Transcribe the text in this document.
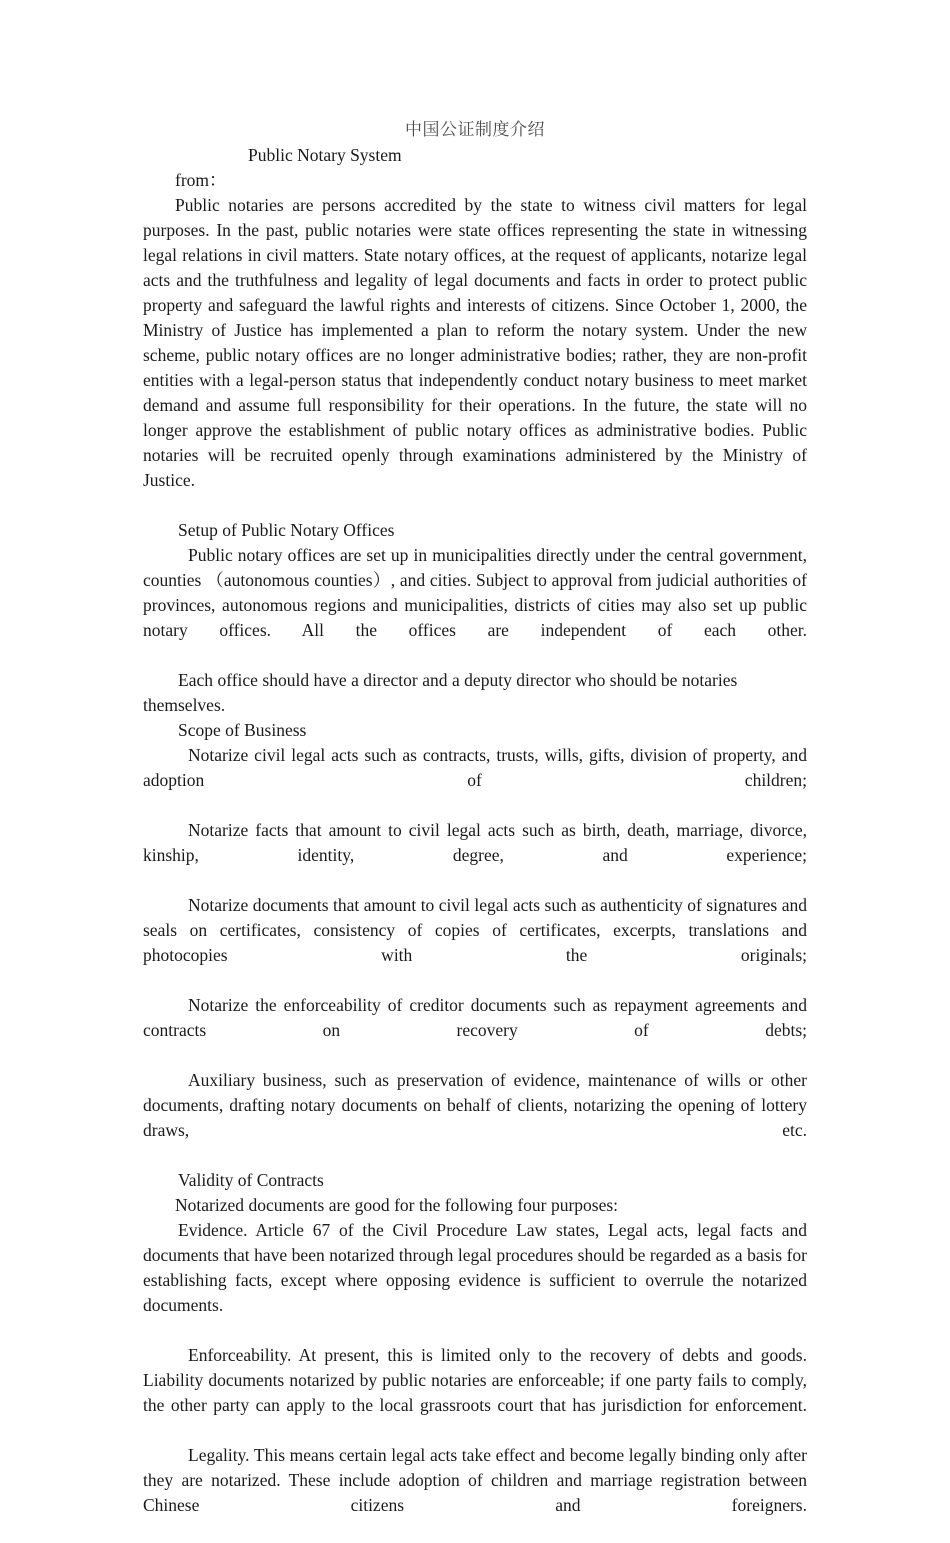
中国公证制度介绍
Public Notary System
from：

Public notaries are persons accredited by the state to witness civil matters for legal purposes. In the past, public notaries were state offices representing the state in witnessing legal relations in civil matters. State notary offices, at the request of applicants, notarize legal acts and the truthfulness and legality of legal documents and facts in order to protect public property and safeguard the lawful rights and interests of citizens. Since October 1, 2000, the Ministry of Justice has implemented a plan to reform the notary system. Under the new scheme, public notary offices are no longer administrative bodies; rather, they are non-profit entities with a legal-person status that independently conduct notary business to meet market demand and assume full responsibility for their operations. In the future, the state will no longer approve the establishment of public notary offices as administrative bodies. Public notaries will be recruited openly through examinations administered by the Ministry of Justice.

Setup of Public Notary Offices

Public notary offices are set up in municipalities directly under the central government, counties （autonomous counties）, and cities. Subject to approval from judicial authorities of provinces, autonomous regions and municipalities, districts of cities may also set up public notary offices. All the offices are independent of each other.

Each office should have a director and a deputy director who should be notaries themselves.

Scope of Business

Notarize civil legal acts such as contracts, trusts, wills, gifts, division of property, and adoption of children;

Notarize facts that amount to civil legal acts such as birth, death, marriage, divorce, kinship, identity, degree, and experience;

Notarize documents that amount to civil legal acts such as authenticity of signatures and seals on certificates, consistency of copies of certificates, excerpts, translations and photocopies with the originals;

Notarize the enforceability of creditor documents such as repayment agreements and contracts on recovery of debts;

Auxiliary business, such as preservation of evidence, maintenance of wills or other documents, drafting notary documents on behalf of clients, notarizing the opening of lottery draws, etc.

Validity of Contracts

Notarized documents are good for the following four purposes:

Evidence. Article 67 of the Civil Procedure Law states, Legal acts, legal facts and documents that have been notarized through legal procedures should be regarded as a basis for establishing facts, except where opposing evidence is sufficient to overrule the notarized documents.

Enforceability. At present, this is limited only to the recovery of debts and goods. Liability documents notarized by public notaries are enforceable; if one party fails to comply, the other party can apply to the local grassroots court that has jurisdiction for enforcement.

Legality. This means certain legal acts take effect and become legally binding only after they are notarized. These include adoption of children and marriage registration between Chinese citizens and foreigners.
